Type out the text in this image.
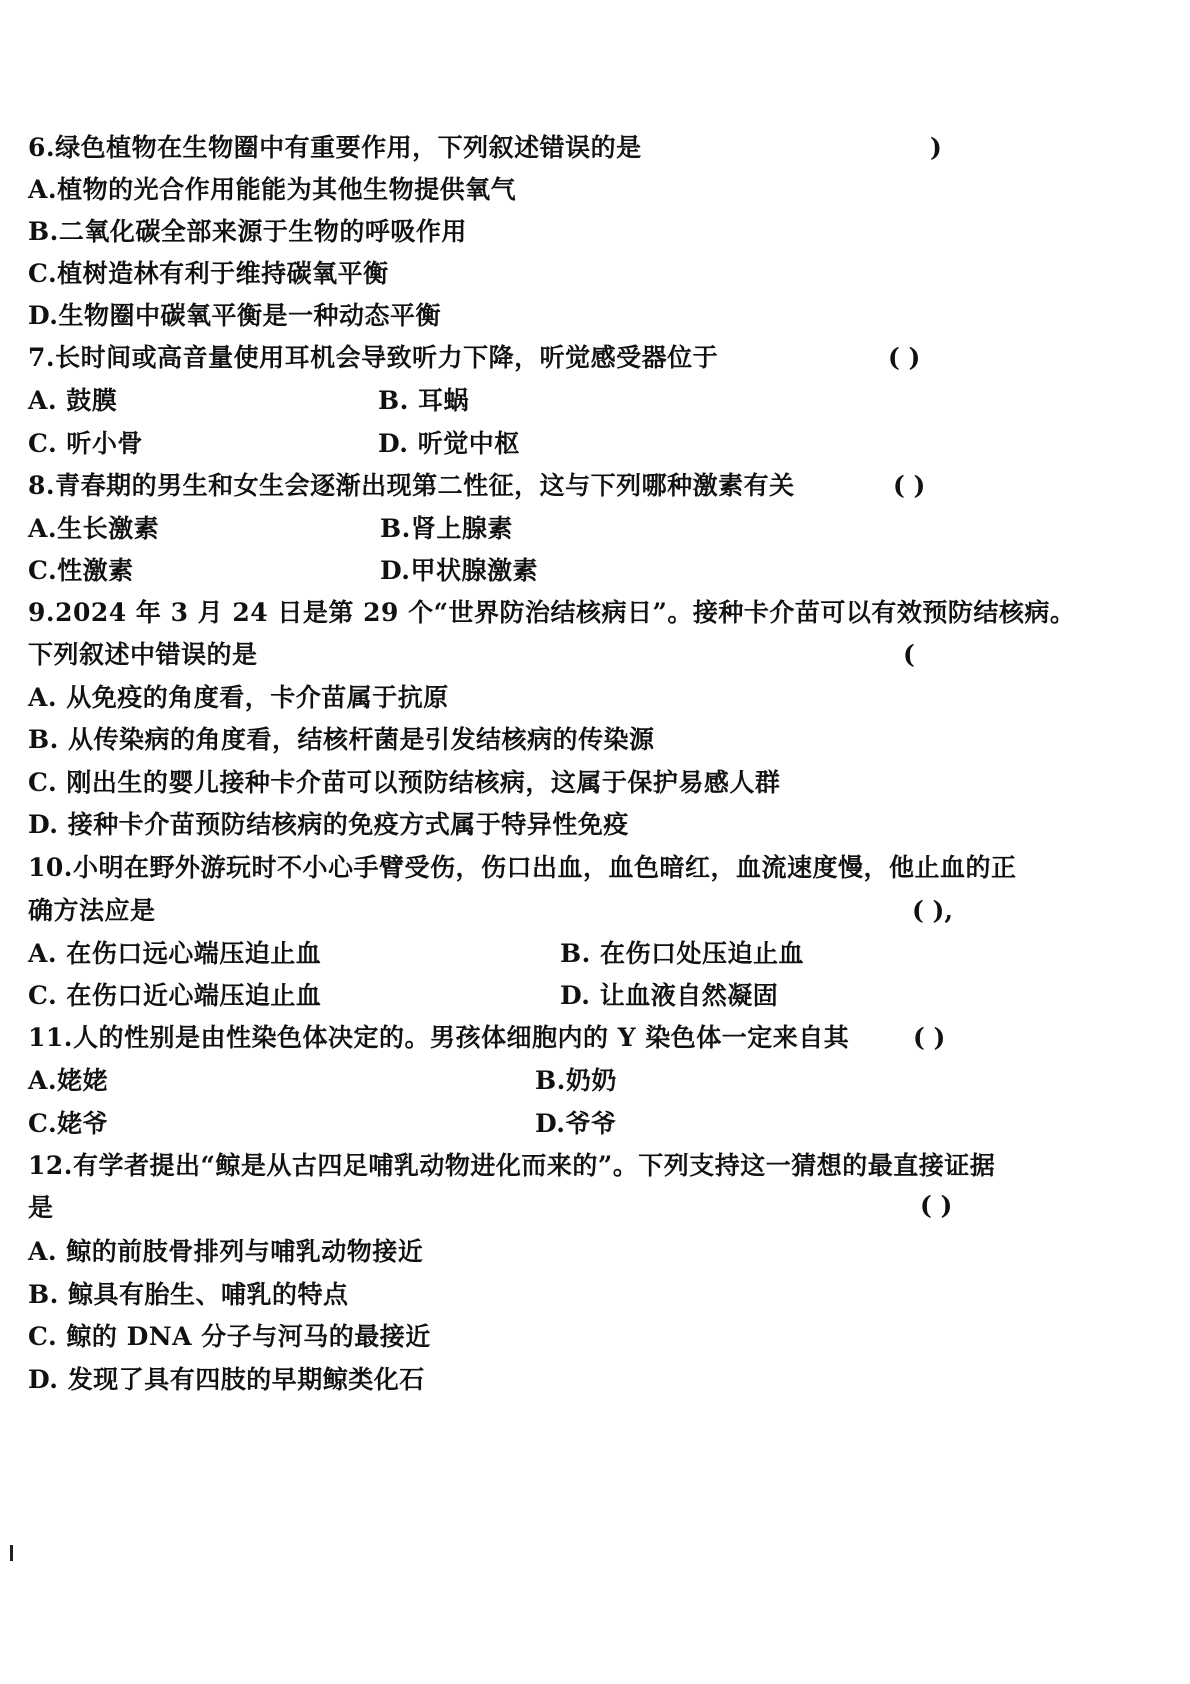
6.绿色植物在生物圈中有重要作用，下列叙述错误的是	)
A.植物的光合作用能能为其他生物提供氧气
B.二氧化碳全部来源于生物的呼吸作用
C.植树造林有利于维持碳氧平衡
D.生物圈中碳氧平衡是一种动态平衡
7.长时间或高音量使用耳机会导致听力下降，听觉感受器位于	( )
A. 鼓膜	B. 耳蜗
C. 听小骨	D. 听觉中枢
8.青春期的男生和女生会逐渐出现第二性征，这与下列哪种激素有关	( )
A.生长激素	B.肾上腺素
C.性激素	D.甲状腺激素
9.2024 年 3 月 24 日是第 29 个“世界防治结核病日”。接种卡介苗可以有效预防结核病。
下列叙述中错误的是	(
A. 从免疫的角度看，卡介苗属于抗原
B. 从传染病的角度看，结核杆菌是引发结核病的传染源
C. 刚出生的婴儿接种卡介苗可以预防结核病，这属于保护易感人群
D. 接种卡介苗预防结核病的免疫方式属于特异性免疫
10.小明在野外游玩时不小心手臂受伤，伤口出血，血色暗红，血流速度慢，他止血的正
确方法应是	( ),
A. 在伤口远心端压迫止血	B. 在伤口处压迫止血
C. 在伤口近心端压迫止血	D. 让血液自然凝固
11.人的性别是由性染色体决定的。男孩体细胞内的 Y 染色体一定来自其	( )
A.姥姥	B.奶奶
C.姥爷	D.爷爷
12.有学者提出“鲸是从古四足哺乳动物进化而来的”。下列支持这一猜想的最直接证据
是	( )
A. 鲸的前肢骨排列与哺乳动物接近
B. 鲸具有胎生、哺乳的特点
C. 鲸的 DNA 分子与河马的最接近
D. 发现了具有四肢的早期鲸类化石
